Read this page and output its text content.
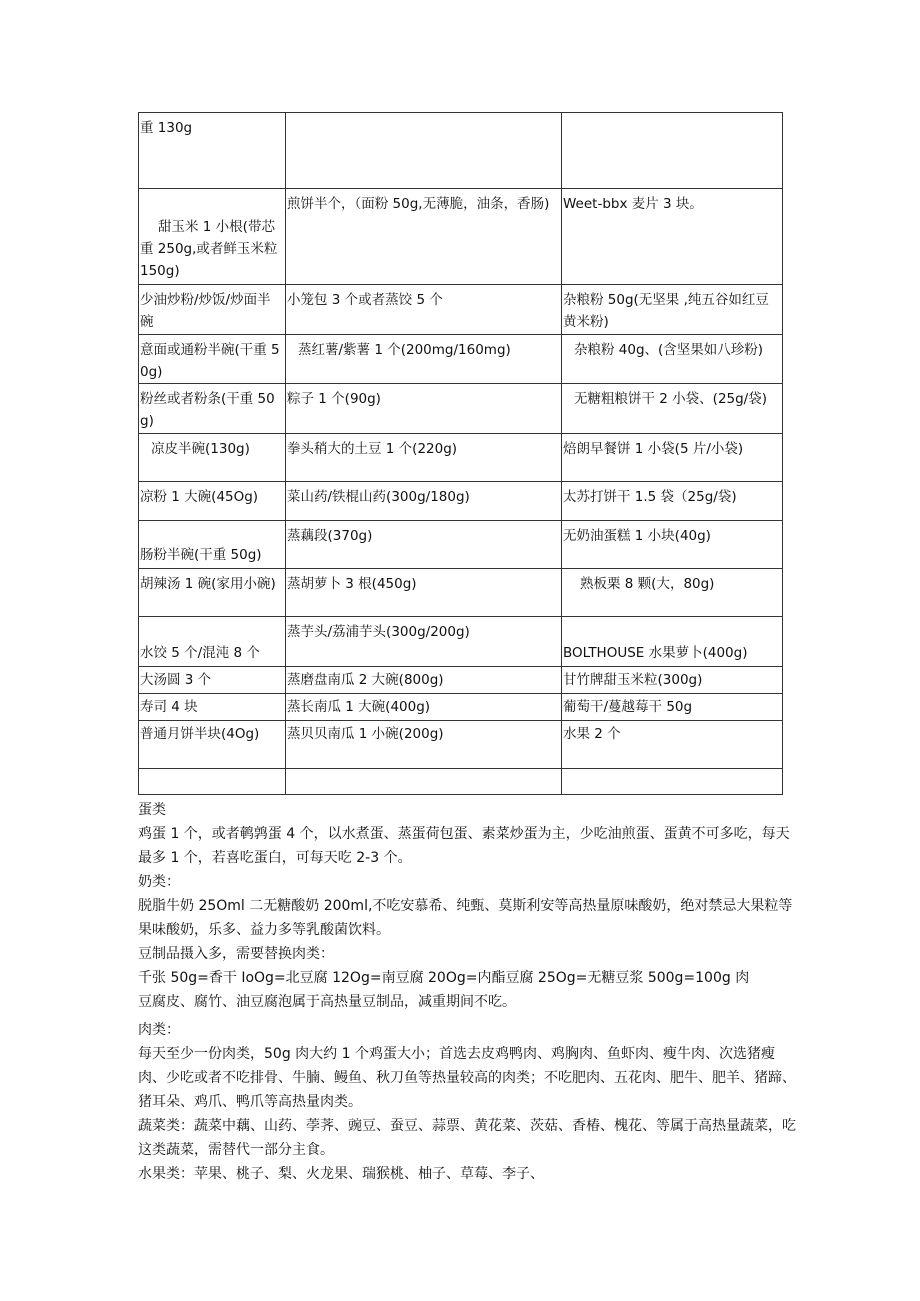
重 130g		

甜玉米 1 小根(带芯重 250g,或者鲜玉米粒 150g)	煎饼半个，（面粉 50g,无薄脆，油条，香肠)	Weet-bbx 麦片 3 块。

少油炒粉/炒饭/炒面半碗	小笼包 3 个或者蒸饺 5 个	杂粮粉 50g(无坚果 ,纯五谷如红豆黄米粉)

意面或通粉半碗(干重 50g)	蒸红薯/紫薯 1 个(200mg∕160mg)	杂粮粉 40g、(含坚果如八珍粉)

粉丝或者粉条(干重 50g)	粽子 1 个(90g)	无糖粗粮饼干 2 小袋、(25g∕袋)

凉皮半碗(130g)	拳头稍大的土豆 1 个(220g)	焙朗早餐饼 1 小袋(5 片/小袋)

凉粉 1 大碗(45Og)	菜山药/铁棍山药(300g∕180g)	太苏打饼干 1.5 袋（25g∕袋)

肠粉半碗(干重 50g)	蒸藕段(370g)	无奶油蛋糕 1 小块(40g)

胡辣汤 1 碗(家用小碗)	蒸胡萝卜 3 根(450g)	熟板栗 8 颗(大，80g)

水饺 5 个/混沌 8 个	蒸芋头/荔浦芋头(300g∕200g)	BOLTHOUSE 水果萝卜(400g)

大汤圆 3 个	蒸磨盘南瓜 2 大碗(800g)	甘竹牌甜玉米粒(300g)

寿司 4 块	蒸长南瓜 1 大碗(400g)	葡萄干/蔓越莓干 50g

普通月饼半块(4Og)	蒸贝贝南瓜 1 小碗(200g)	水果 2 个

蛋类

鸡蛋 1 个，或者鹌鹑蛋 4 个，以水煮蛋、蒸蛋荷包蛋、素菜炒蛋为主，少吃油煎蛋、蛋黄不可多吃，每天最多 1 个，若喜吃蛋白，可每天吃 2-3 个。

奶类：

脱脂牛奶 25Oml 二无糖酸奶 200ml,不吃安慕希、纯甄、莫斯利安等高热量原味酸奶，绝对禁忌大果粒等果味酸奶，乐多、益力多等乳酸菌饮料。

豆制品摄入多，需要替换肉类：

千张 50g=香干 IoOg=北豆腐 12Og=南豆腐 20Og=内酯豆腐 25Og=无糖豆浆 500g=100g 肉

豆腐皮、腐竹、油豆腐泡属于高热量豆制品，减重期间不吃。

肉类：

每天至少一份肉类，50g 肉大约 1 个鸡蛋大小；首选去皮鸡鸭肉、鸡胸肉、鱼虾肉、瘦牛肉、次选猪瘦肉、少吃或者不吃排骨、牛腩、鳗鱼、秋刀鱼等热量较高的肉类；不吃肥肉、五花肉、肥牛、肥羊、猪蹄、猪耳朵、鸡爪、鸭爪等高热量肉类。

蔬菜类：蔬菜中藕、山药、荸荠、豌豆、蚕豆、蒜票、黄花菜、茨菇、香椿、槐花、等属于高热量蔬菜，吃这类蔬菜，需替代一部分主食。

水果类：苹果、桃子、梨、火龙果、瑞猴桃、柚子、草莓、李子、
